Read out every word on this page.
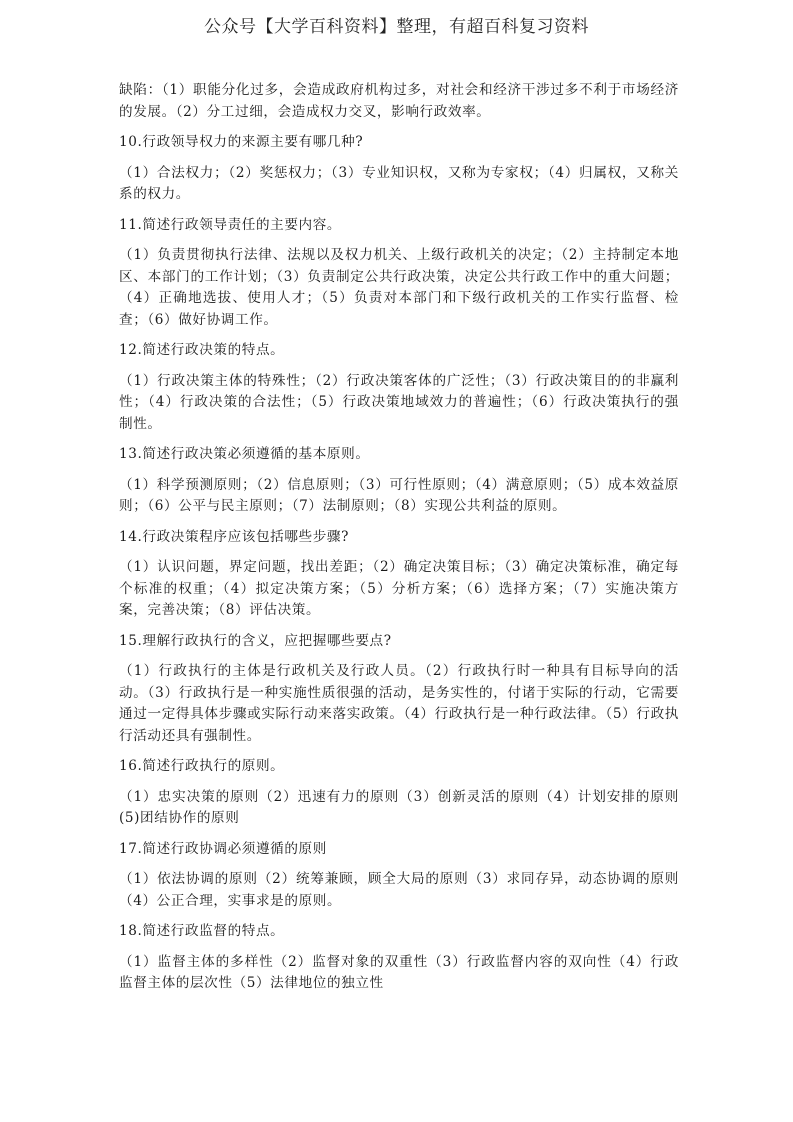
公众号【大学百科资料】整理，有超百科复习资料

缺陷：（1）职能分化过多，会造成政府机构过多，对社会和经济干涉过多不利于市场经济的发展。（2）分工过细，会造成权力交叉，影响行政效率。

10.行政领导权力的来源主要有哪几种?

（1）合法权力；（2）奖惩权力；（3）专业知识权，又称为专家权；（4）归属权，又称关系的权力。

11.简述行政领导责任的主要内容。

（1）负责贯彻执行法律、法规以及权力机关、上级行政机关的决定；（2）主持制定本地区、本部门的工作计划；（3）负责制定公共行政决策，决定公共行政工作中的重大问题；（4）正确地选拔、使用人才；（5）负责对本部门和下级行政机关的工作实行监督、检查；（6）做好协调工作。

12.简述行政决策的特点。

（1）行政决策主体的特殊性；（2）行政决策客体的广泛性；（3）行政决策目的的非赢利性；（4）行政决策的合法性；（5）行政决策地域效力的普遍性；（6）行政决策执行的强制性。

13.简述行政决策必须遵循的基本原则。

（1）科学预测原则；（2）信息原则；（3）可行性原则；（4）满意原则；（5）成本效益原则；（6）公平与民主原则；（7）法制原则；（8）实现公共利益的原则。

14.行政决策程序应该包括哪些步骤?

（1）认识问题，界定问题，找出差距；（2）确定决策目标；（3）确定决策标准，确定每个标准的权重；（4）拟定决策方案；（5）分析方案；（6）选择方案；（7）实施决策方案，完善决策；（8）评估决策。

15.理解行政执行的含义，应把握哪些要点?

（1）行政执行的主体是行政机关及行政人员。（2）行政执行时一种具有目标导向的活动。（3）行政执行是一种实施性质很强的活动，是务实性的，付诸于实际的行动，它需要通过一定得具体步骤或实际行动来落实政策。（4）行政执行是一种行政法律。（5）行政执行活动还具有强制性。

16.简述行政执行的原则。

（1）忠实决策的原则（2）迅速有力的原则（3）创新灵活的原则（4）计划安排的原则 (5)团结协作的原则

17.简述行政协调必须遵循的原则

（1）依法协调的原则（2）统筹兼顾，顾全大局的原则（3）求同存异，动态协调的原则（4）公正合理，实事求是的原则。

18.简述行政监督的特点。

（1）监督主体的多样性（2）监督对象的双重性（3）行政监督内容的双向性（4）行政监督主体的层次性（5）法律地位的独立性
